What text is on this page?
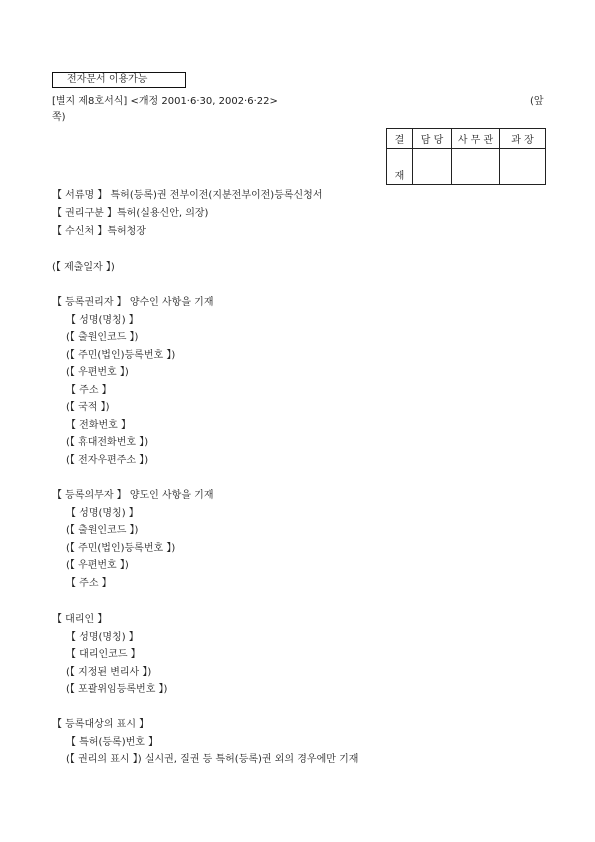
전자문서 이용가능
[별지 제8호서식] <개정 2001·6·30, 2002·6·22>	(앞
쪽)
결	담 당	사 무 관	과 장
재			
【 서류명 】 특허(등록)권 전부이전(지분전부이전)등록신청서
【 권리구분 】특허(실용신안, 의장)
【 수신처 】특허청장
(【 제출일자 】)
【 등록권리자 】 양수인 사항을 기재
【 성명(명칭) 】
(【 출원인코드 】)
(【 주민(법인)등록번호 】)
(【 우편번호 】)
【 주소 】
(【 국적 】)
【 전화번호 】
(【 휴대전화번호 】)
(【 전자우편주소 】)
【 등록의무자 】 양도인 사항을 기재
【 성명(명칭) 】
(【 출원인코드 】)
(【 주민(법인)등록번호 】)
(【 우편번호 】)
【 주소 】
【 대리인 】
【 성명(명칭) 】
【 대리인코드 】
(【 지정된 변리사 】)
(【 포괄위임등록번호 】)
【 등록대상의 표시 】
【 특허(등록)번호 】
(【 권리의 표시 】) 실시권, 질권 등 특허(등록)권 외의 경우에만 기재
